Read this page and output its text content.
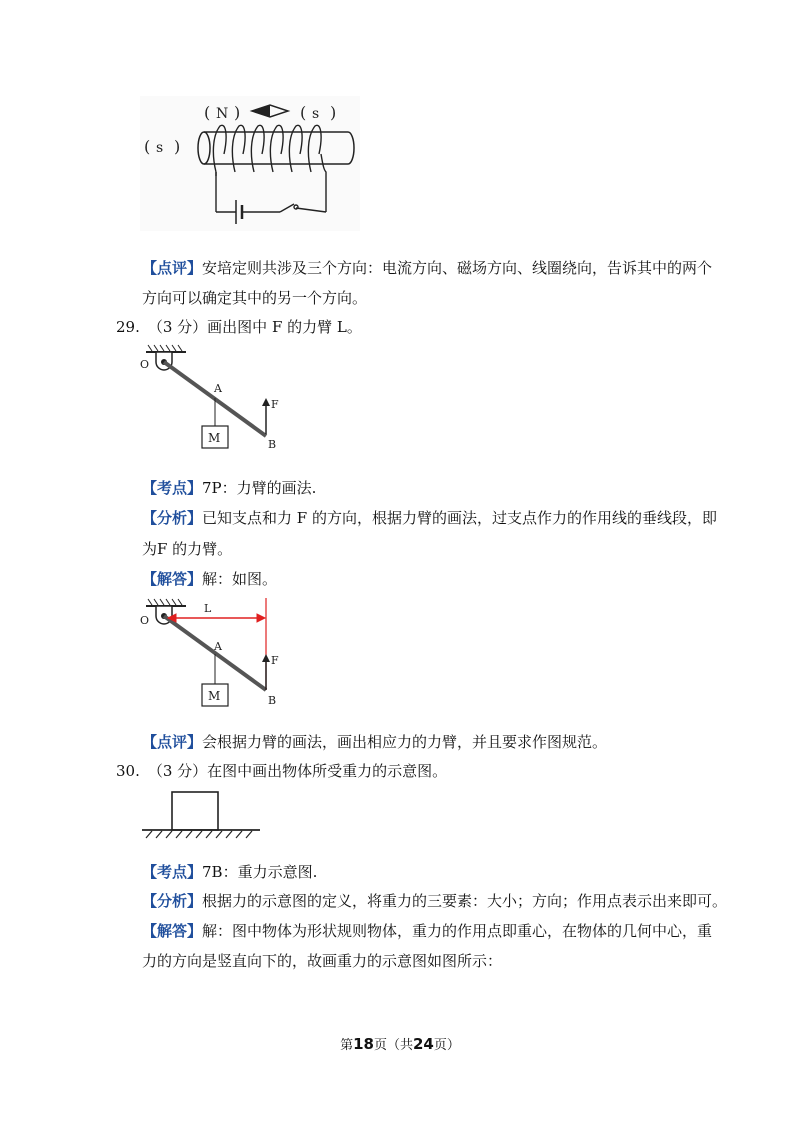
( N )	( s )
( s )
【点评】安培定则共涉及三个方向：电流方向、磁场方向、线圈绕向，告诉其中的两个
方向可以确定其中的另一个方向。
29. （3 分）画出图中 F 的力臂 L。
O
A
M
F
B
【考点】7P：力臂的画法.
【分析】已知支点和力 F 的方向，根据力臂的画法，过支点作力的作用线的垂线段，即
为F 的力臂。
【解答】解：如图。
O
L
A
M
F
B
【点评】会根据力臂的画法，画出相应力的力臂，并且要求作图规范。
30. （3 分）在图中画出物体所受重力的示意图。
【考点】7B：重力示意图.
【分析】根据力的示意图的定义，将重力的三要素：大小；方向；作用点表示出来即可。
【解答】解：图中物体为形状规则物体，重力的作用点即重心，在物体的几何中心，重
力的方向是竖直向下的，故画重力的示意图如图所示：
第18页（共24页）
